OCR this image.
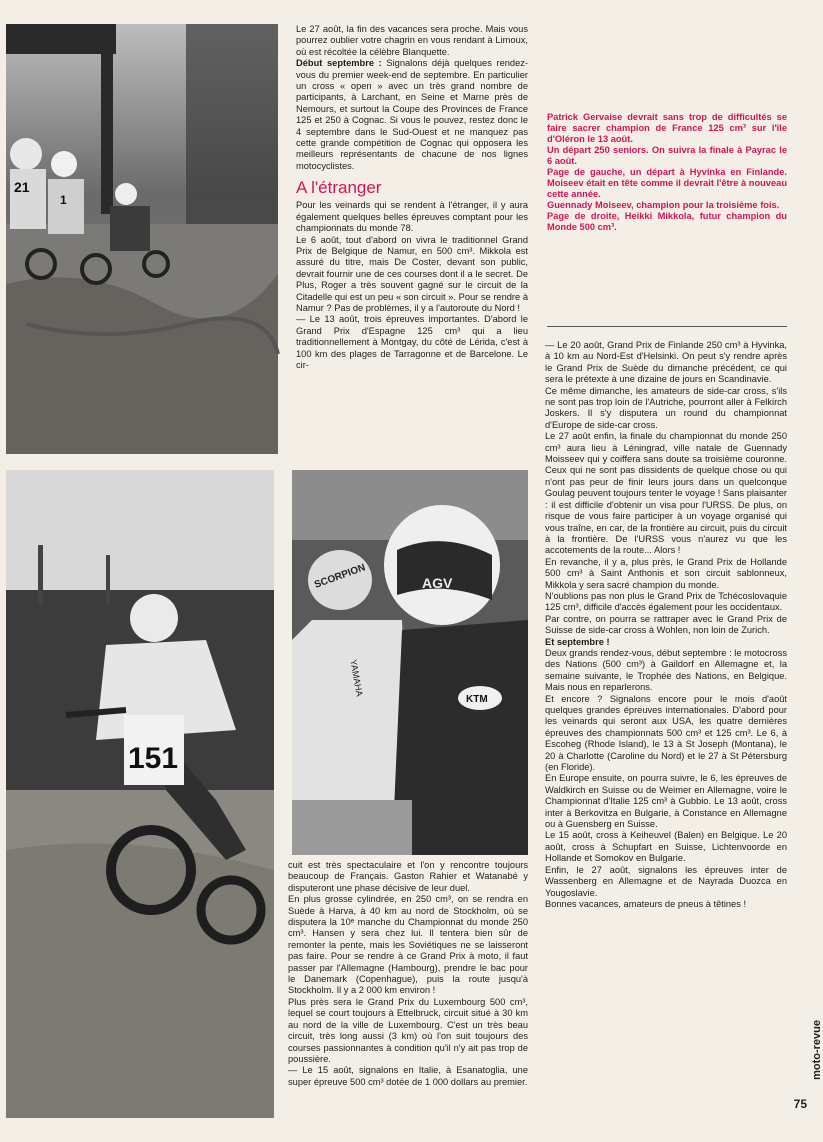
21
1
151
SCORPION	AGV
YAMAHA
KTM

Le 27 août, la fin des vacances sera proche. Mais vous pourrez oublier votre chagrin en vous rendant à Limoux, où est récoltée la célèbre Blanquette.

Début septembre : Signalons déjà quelques rendez-vous du premier week-end de septembre. En particulier un cross « open » avec un très grand nombre de participants, à Larchant, en Seine et Marne près de Nemours, et surtout la Coupe des Provinces de France 125 et 250 à Cognac. Si vous le pouvez, restez donc le 4 septembre dans le Sud-Ouest et ne manquez pas cette grande compétition de Cognac qui opposera les meilleurs représentants de chacune de nos lignes motocyclistes.

A l'étranger

Pour les veinards qui se rendent à l'étranger, il y aura également quelques belles épreuves comptant pour les championnats du monde 78.

Le 6 août, tout d'abord on vivra le traditionnel Grand Prix de Belgique de Namur, en 500 cm³. Mikkola est assuré du titre, mais De Coster, devant son public, devrait fournir une de ces courses dont il a le secret. De Plus, Roger a très souvent gagné sur le circuit de la Citadelle qui est un peu « son circuit ». Pour se rendre à Namur ? Pas de problèmes, il y a l'autoroute du Nord !

— Le 13 août, trois épreuves importantes. D'abord le Grand Prix d'Espagne 125 cm³ qui a lieu traditionnellement à Montgay, du côté de Lérida, c'est à 100 km des plages de Tarragonne et de Barcelone. Le cir-

Patrick Gervaise devrait sans trop de difficultés se faire sacrer champion de France 125 cm³ sur l'île d'Oléron le 13 août.

Un départ 250 seniors. On suivra la finale à Payrac le 6 août.

Page de gauche, un départ à Hyvinka en Finlande. Moiseev était en tête comme il devrait l'être à nouveau cette année.

Guennady Moiseev, champion pour la troisième fois.

Page de droite, Heikki Mikkola, futur champion du Monde 500 cm³.

cuit est très spectaculaire et l'on y rencontre toujours beaucoup de Français. Gaston Rahier et Watanabé y disputeront une phase décisive de leur duel.

En plus grosse cylindrée, en 250 cm³, on se rendra en Suède à Harva, à 40 km au nord de Stockholm, où se disputera la 10ᵉ manche du Championnat du monde 250 cm³. Hansen y sera chez lui. Il tentera bien sûr de remonter la pente, mais les Soviétiques ne se laisseront pas faire. Pour se rendre à ce Grand Prix à moto, il faut passer par l'Allemagne (Hambourg), prendre le bac pour le Danemark (Copenhague), puis la route jusqu'à Stockholm. Il y a 2 000 km environ !

Plus près sera le Grand Prix du Luxembourg 500 cm³, lequel se court toujours à Ettelbruck, circuit situé à 30 km au nord de la ville de Luxembourg. C'est un très beau circuit, très long aussi (3 km) où l'on suit toujours des courses passionnantes à condition qu'il n'y ait pas trop de poussière.

— Le 15 août, signalons en Italie, à Esanatoglia, une super épreuve 500 cm³ dotée de 1 000 dollars au premier.

— Le 20 août, Grand Prix de Finlande 250 cm³ à Hyvinka, à 10 km au Nord-Est d'Helsinki. On peut s'y rendre après le Grand Prix de Suède du dimanche précédent, ce qui sera le prétexte à une dizaine de jours en Scandinavie.

Ce même dimanche, les amateurs de side-car cross, s'ils ne sont pas trop loin de l'Autriche, pourront aller à Felkirch Joskers. Il s'y disputera un round du championnat d'Europe de side-car cross.

Le 27 août enfin, la finale du championnat du monde 250 cm³ aura lieu à Léningrad, ville natale de Guennady Moisseev qui y coiffera sans doute sa troisième couronne. Ceux qui ne sont pas dissidents de quelque chose ou qui n'ont pas peur de finir leurs jours dans un quelconque Goulag peuvent toujours tenter le voyage ! Sans plaisanter : il est difficile d'obtenir un visa pour l'URSS. De plus, on risque de vous faire participer à un voyage organisé qui vous traîne, en car, de la frontière au circuit, puis du circuit à la frontière. De l'URSS vous n'aurez vu que les accotements de la route... Alors !

En revanche, il y a, plus près, le Grand Prix de Hollande 500 cm³ à Saint Anthonis et son circuit sablonneux, Mikkola y sera sacré champion du monde.

N'oublions pas non plus le Grand Prix de Tchécoslovaquie 125 cm³, difficile d'accès également pour les occidentaux.

Par contre, on pourra se rattraper avec le Grand Prix de Suisse de side-car cross à Wohlen, non loin de Zurich.

Et septembre !

Deux grands rendez-vous, début septembre : le motocross des Nations (500 cm³) à Gaildorf en Allemagne et, la semaine suivante, le Trophée des Nations, en Belgique. Mais nous en reparlerons.

Et encore ? Signalons encore pour le mois d'août quelques grandes épreuves internationales. D'abord pour les veinards qui seront aux USA, les quatre dernières épreuves des championnats 500 cm³ et 125 cm³. Le 6, à Escoheg (Rhode Island), le 13 à St Joseph (Montana), le 20 à Charlotte (Caroline du Nord) et le 27 à St Pétersburg (en Floride).

En Europe ensuite, on pourra suivre, le 6, les épreuves de Waldkirch en Suisse ou de Weimer en Allemagne, voire le Championnat d'Italie 125 cm³ à Gubbio. Le 13 août, cross inter à Berkovitza en Bulgarie, à Constance en Allemagne ou à Guensberg en Suisse.

Le 15 août, cross à Keiheuvel (Balen) en Belgique. Le 20 août, cross à Schupfart en Suisse, Lichtenvoorde en Hollande et Somokov en Bulgarie.

Enfin, le 27 août, signalons les épreuves inter de Wassenberg en Allemagne et de Nayrada Duozca en Yougoslavie.

Bonnes vacances, amateurs de pneus à têtines !

moto-revue
75
